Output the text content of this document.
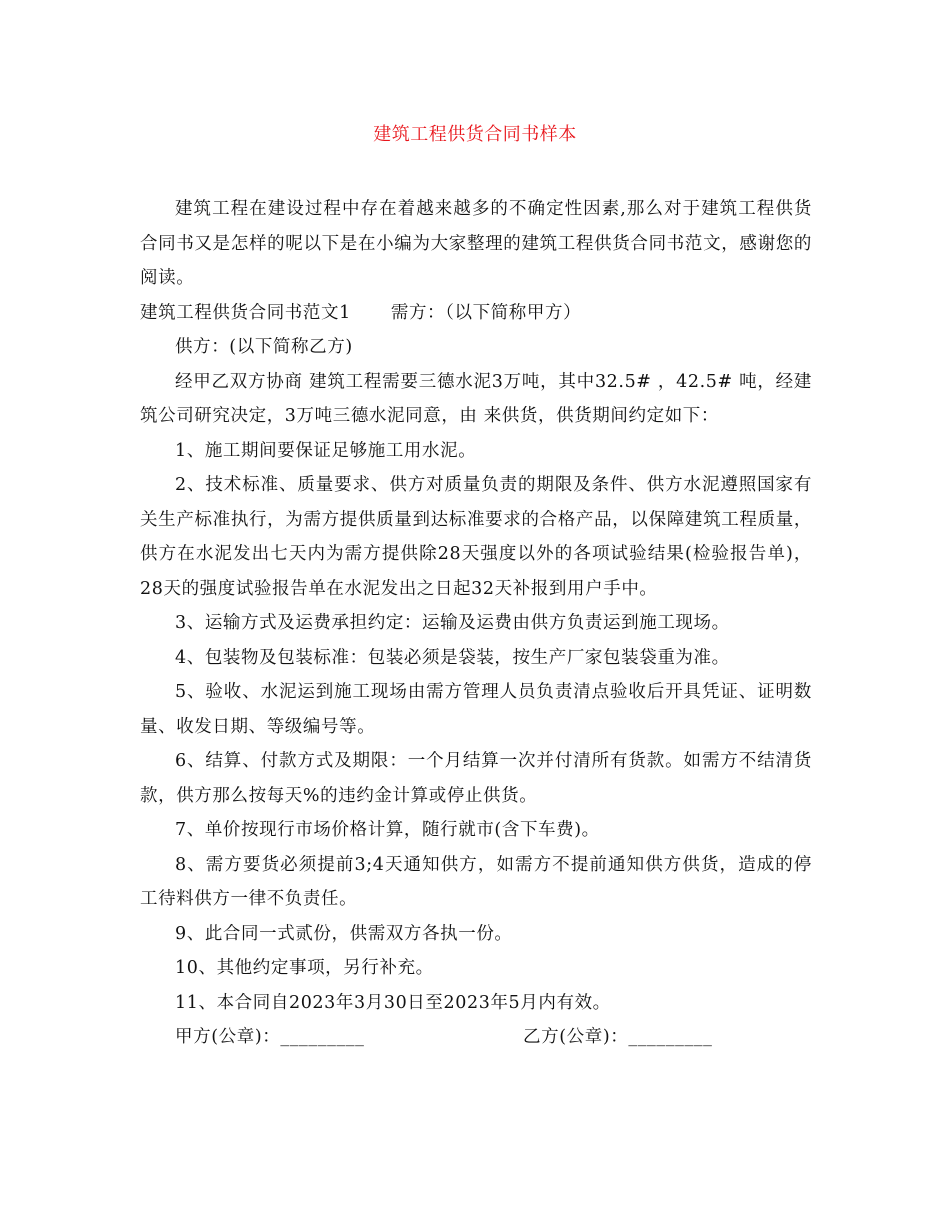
建筑工程供货合同书样本

建筑工程在建设过程中存在着越来越多的不确定性因素,那么对于建筑工程供货合同书又是怎样的呢以下是在小编为大家整理的建筑工程供货合同书范文，感谢您的阅读。

建筑工程供货合同书范文1 需方：（以下简称甲方）

供方：(以下简称乙方)

经甲乙双方协商 建筑工程需要三德水泥3万吨，其中32.5# ，42.5# 吨，经建筑公司研究决定，3万吨三德水泥同意，由 来供货，供货期间约定如下：

1、施工期间要保证足够施工用水泥。

2、技术标准、质量要求、供方对质量负责的期限及条件、供方水泥遵照国家有关生产标准执行，为需方提供质量到达标准要求的合格产品，以保障建筑工程质量，供方在水泥发出七天内为需方提供除28天强度以外的各项试验结果(检验报告单)，28天的强度试验报告单在水泥发出之日起32天补报到用户手中。

3、运输方式及运费承担约定：运输及运费由供方负责运到施工现场。

4、包装物及包装标准：包装必须是袋装，按生产厂家包装袋重为准。

5、验收、水泥运到施工现场由需方管理人员负责清点验收后开具凭证、证明数量、收发日期、等级编号等。

6、结算、付款方式及期限：一个月结算一次并付清所有货款。如需方不结清货款，供方那么按每天%的违约金计算或停止供货。

7、单价按现行市场价格计算，随行就市(含下车费)。

8、需方要货必须提前3;4天通知供方，如需方不提前通知供方供货，造成的停工待料供方一律不负责任。

9、此合同一式贰份，供需双方各执一份。

10、其他约定事项，另行补充。

11、本合同自2023年3月30日至2023年5月内有效。

甲方(公章)：_________	乙方(公章)：_________
